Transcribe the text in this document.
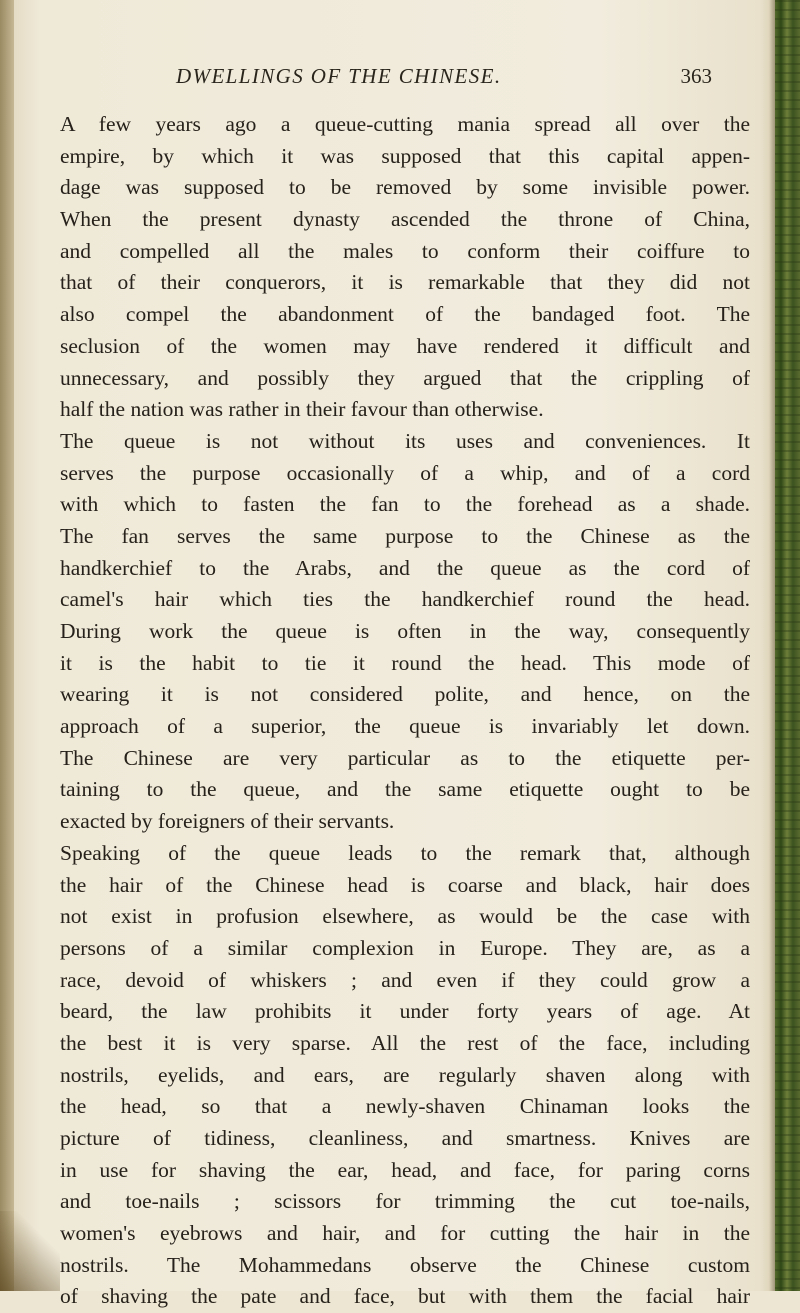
DWELLINGS OF THE CHINESE.	363
A few years ago a queue-cutting mania spread all over the
empire, by which it was supposed that this capital appen-
dage was supposed to be removed by some invisible power.
When the present dynasty ascended the throne of China,
and compelled all the males to conform their coiffure to
that of their conquerors, it is remarkable that they did not
also compel the abandonment of the bandaged foot. The
seclusion of the women may have rendered it difficult and
unnecessary, and possibly they argued that the crippling of
half the nation was rather in their favour than otherwise.
The queue is not without its uses and conveniences. It
serves the purpose occasionally of a whip, and of a cord
with which to fasten the fan to the forehead as a shade.
The fan serves the same purpose to the Chinese as the
handkerchief to the Arabs, and the queue as the cord of
camel's hair which ties the handkerchief round the head.
During work the queue is often in the way, consequently
it is the habit to tie it round the head. This mode of
wearing it is not considered polite, and hence, on the
approach of a superior, the queue is invariably let down.
The Chinese are very particular as to the etiquette per-
taining to the queue, and the same etiquette ought to be
exacted by foreigners of their servants.
Speaking of the queue leads to the remark that, although
the hair of the Chinese head is coarse and black, hair does
not exist in profusion elsewhere, as would be the case with
persons of a similar complexion in Europe. They are, as a
race, devoid of whiskers ; and even if they could grow a
beard, the law prohibits it under forty years of age. At
the best it is very sparse. All the rest of the face, including
nostrils, eyelids, and ears, are regularly shaven along with
the head, so that a newly-shaven Chinaman looks the
picture of tidiness, cleanliness, and smartness. Knives are
in use for shaving the ear, head, and face, for paring corns
and toe-nails ; scissors for trimming the cut toe-nails,
women's eyebrows and hair, and for cutting the hair in the
nostrils. The Mohammedans observe the Chinese custom
of shaving the pate and face, but with them the facial hair
